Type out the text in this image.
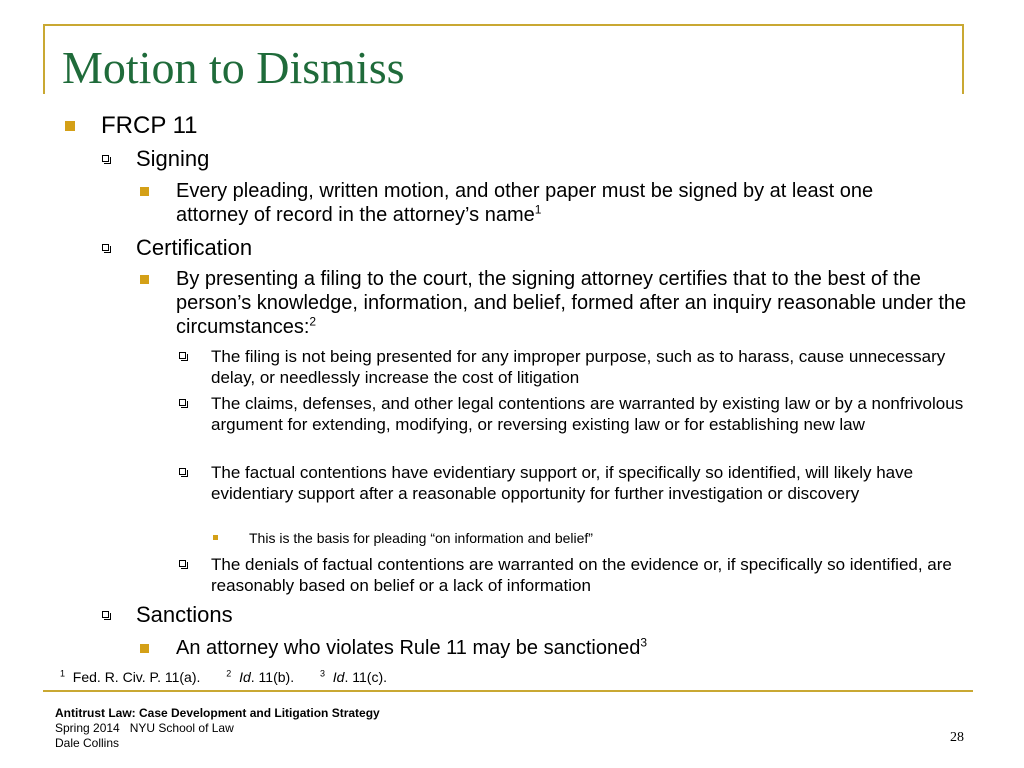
Motion to Dismiss
FRCP 11
Signing
Every pleading, written motion, and other paper must be signed by at least one attorney of record in the attorney’s name$^1$
Certification
By presenting a filing to the court, the signing attorney certifies that to the best of the person’s knowledge, information, and belief, formed after an inquiry reasonable under the circumstances:$^2$
The filing is not being presented for any improper purpose, such as to harass, cause unnecessary delay, or needlessly increase the cost of litigation
The claims, defenses, and other legal contentions are warranted by existing law or by a nonfrivolous argument for extending, modifying, or reversing existing law or for establishing new law
The factual contentions have evidentiary support or, if specifically so identified, will likely have evidentiary support after a reasonable opportunity for further investigation or discovery
This is the basis for pleading “on information and belief”
The denials of factual contentions are warranted on the evidence or, if specifically so identified, are reasonably based on belief or a lack of information
Sanctions
An attorney who violates Rule 11 may be sanctioned$^3$
$^1$ Fed. R. Civ. P. 11(a).	$^2$ Id. 11(b).	$^3$ Id. 11(c).
Antitrust Law: Case Development and Litigation Strategy
Spring 2014   NYU School of Law
Dale Collins	28
